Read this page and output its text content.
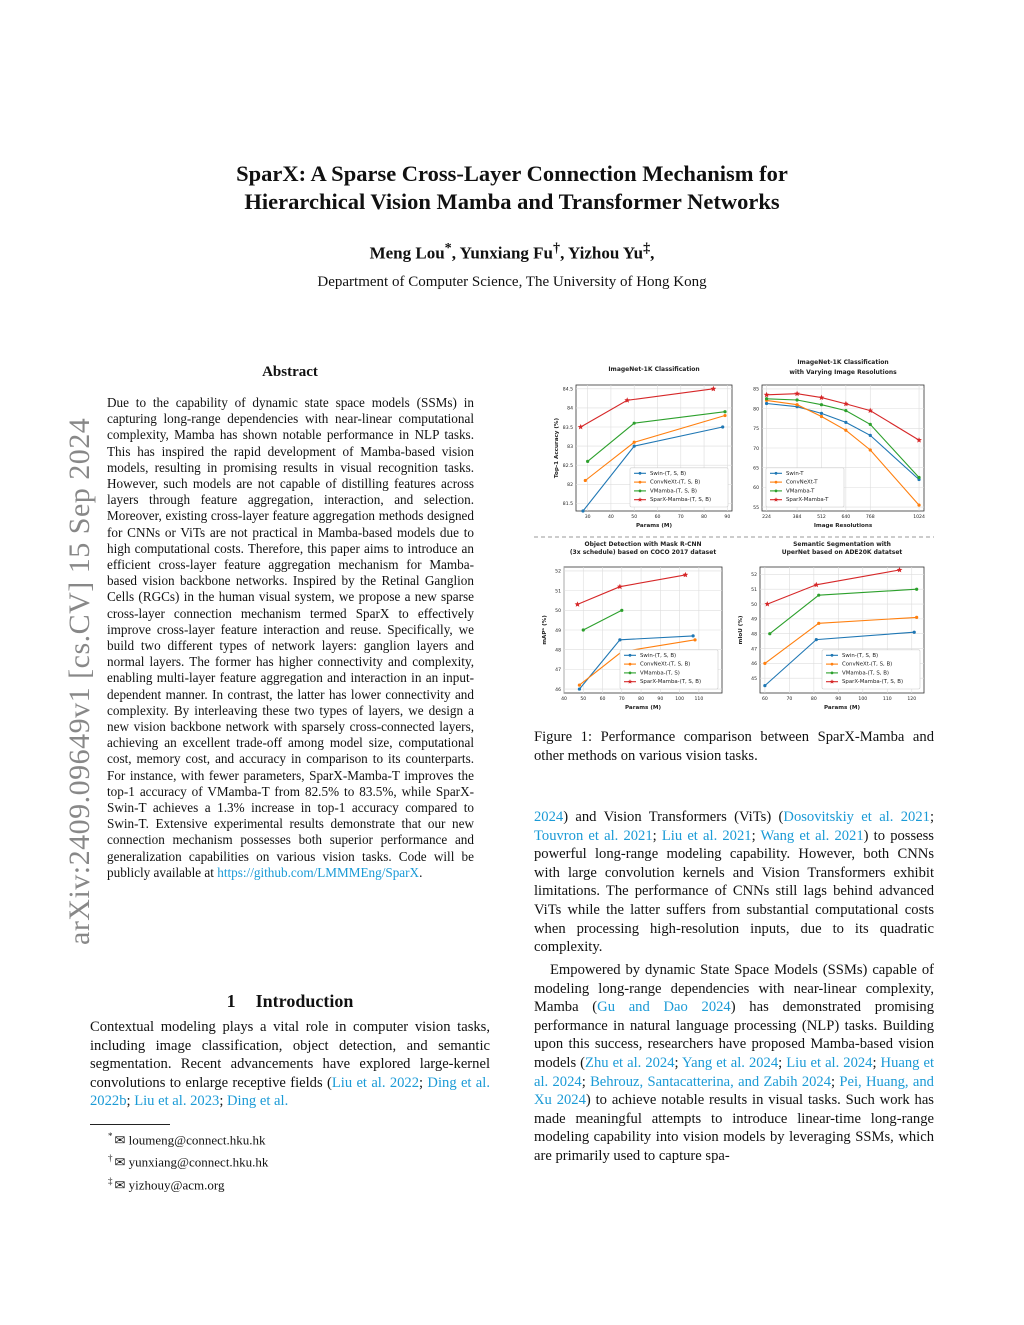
SparX: A Sparse Cross-Layer Connection Mechanism for
Hierarchical Vision Mamba and Transformer Networks
Meng Lou*, Yunxiang Fu†, Yizhou Yu‡,
Department of Computer Science, The University of Hong Kong
arXiv:2409.09649v1 [cs.CV] 15 Sep 2024
Abstract
Due to the capability of dynamic state space models (SSMs) in capturing long-range dependencies with near-linear computational complexity, Mamba has shown notable performance in NLP tasks. This has inspired the rapid development of Mamba-based vision models, resulting in promising results in visual recognition tasks. However, such models are not capable of distilling features across layers through feature aggregation, interaction, and selection. Moreover, existing cross-layer feature aggregation methods designed for CNNs or ViTs are not practical in Mamba-based models due to high computational costs. Therefore, this paper aims to introduce an efficient cross-layer feature aggregation mechanism for Mamba-based vision backbone networks. Inspired by the Retinal Ganglion Cells (RGCs) in the human visual system, we propose a new sparse cross-layer connection mechanism termed SparX to effectively improve cross-layer feature interaction and reuse. Specifically, we build two different types of network layers: ganglion layers and normal layers. The former has higher connectivity and complexity, enabling multi-layer feature aggregation and interaction in an input-dependent manner. In contrast, the latter has lower connectivity and complexity. By interleaving these two types of layers, we design a new vision backbone network with sparsely cross-connected layers, achieving an excellent trade-off among model size, computational cost, memory cost, and accuracy in comparison to its counterparts. For instance, with fewer parameters, SparX-Mamba-T improves the top-1 accuracy of VMamba-T from 82.5% to 83.5%, while SparX-Swin-T achieves a 1.3% increase in top-1 accuracy compared to Swin-T. Extensive experimental results demonstrate that our new connection mechanism possesses both superior performance and generalization capabilities on various vision tasks. Code will be publicly available at https://github.com/LMMMEng/SparX.
1 Introduction
Contextual modeling plays a vital role in computer vision tasks, including image classification, object detection, and semantic segmentation. Recent advancements have explored large-kernel convolutions to enlarge receptive fields (Liu et al. 2022; Ding et al. 2022b; Liu et al. 2023; Ding et al.
* ✉ loumeng@connect.hku.hk
† ✉ yunxiang@connect.hku.hk
‡ ✉ yizhouy@acm.org
81.5
82
82.5
83
83.5
84
84.5
30	40	50	60	70	80	90
ImageNet-1K Classification
Params (M)
Top-1 Accuracy (%)	Swin-(T, S, B)
ConvNeXt-(T, S, B)
VMamba-(T, S, B)
SparX-Mamba-(T, S, B)
55
60
65
70
75
80
85
224	384	512	640	768	1024
ImageNet-1K Classification
with Varying Image Resolutions
Image Resolutions
Swin-T
ConvNeXt-T
VMamba-T
SparX-Mamba-T
46
47
48
49
50
51
52
40	50	60	70	80	90	100 110
Object Detection with Mask R-CNN
(3x schedule) based on COCO 2017 dataset
Params (M)
mAPᵇ (%)
Swin-(T, S, B)
ConvNeXt-(T, S, B)
VMamba-(T, S)
SparX-Mamba-(T, S, B)	45
46
47
48
49
50
51
52
60	70	80	90	100	110	120
Semantic Segmentation with
UperNet based on ADE20K datatset
Params (M)
mIoU (%)
Swin-(T, S, B)
ConvNeXt-(T, S, B)
VMamba-(T, S, B)
SparX-Mamba-(T, S, B)
Figure 1: Performance comparison between SparX-Mamba and other methods on various vision tasks.
2024) and Vision Transformers (ViTs) (Dosovitskiy et al. 2021; Touvron et al. 2021; Liu et al. 2021; Wang et al. 2021) to possess powerful long-range modeling capability. However, both CNNs with large convolution kernels and Vision Transformers exhibit limitations. The performance of CNNs still lags behind advanced ViTs while the latter suffers from substantial computational costs when processing high-resolution inputs, due to its quadratic complexity.
Empowered by dynamic State Space Models (SSMs) capable of modeling long-range dependencies with near-linear complexity, Mamba (Gu and Dao 2024) has demonstrated promising performance in natural language processing (NLP) tasks. Building upon this success, researchers have proposed Mamba-based vision models (Zhu et al. 2024; Yang et al. 2024; Liu et al. 2024; Huang et al. 2024; Behrouz, Santacatterina, and Zabih 2024; Pei, Huang, and Xu 2024) to achieve notable results in visual tasks. Such work has made meaningful attempts to introduce linear-time long-range modeling capability into vision models by leveraging SSMs, which are primarily used to capture spa-
